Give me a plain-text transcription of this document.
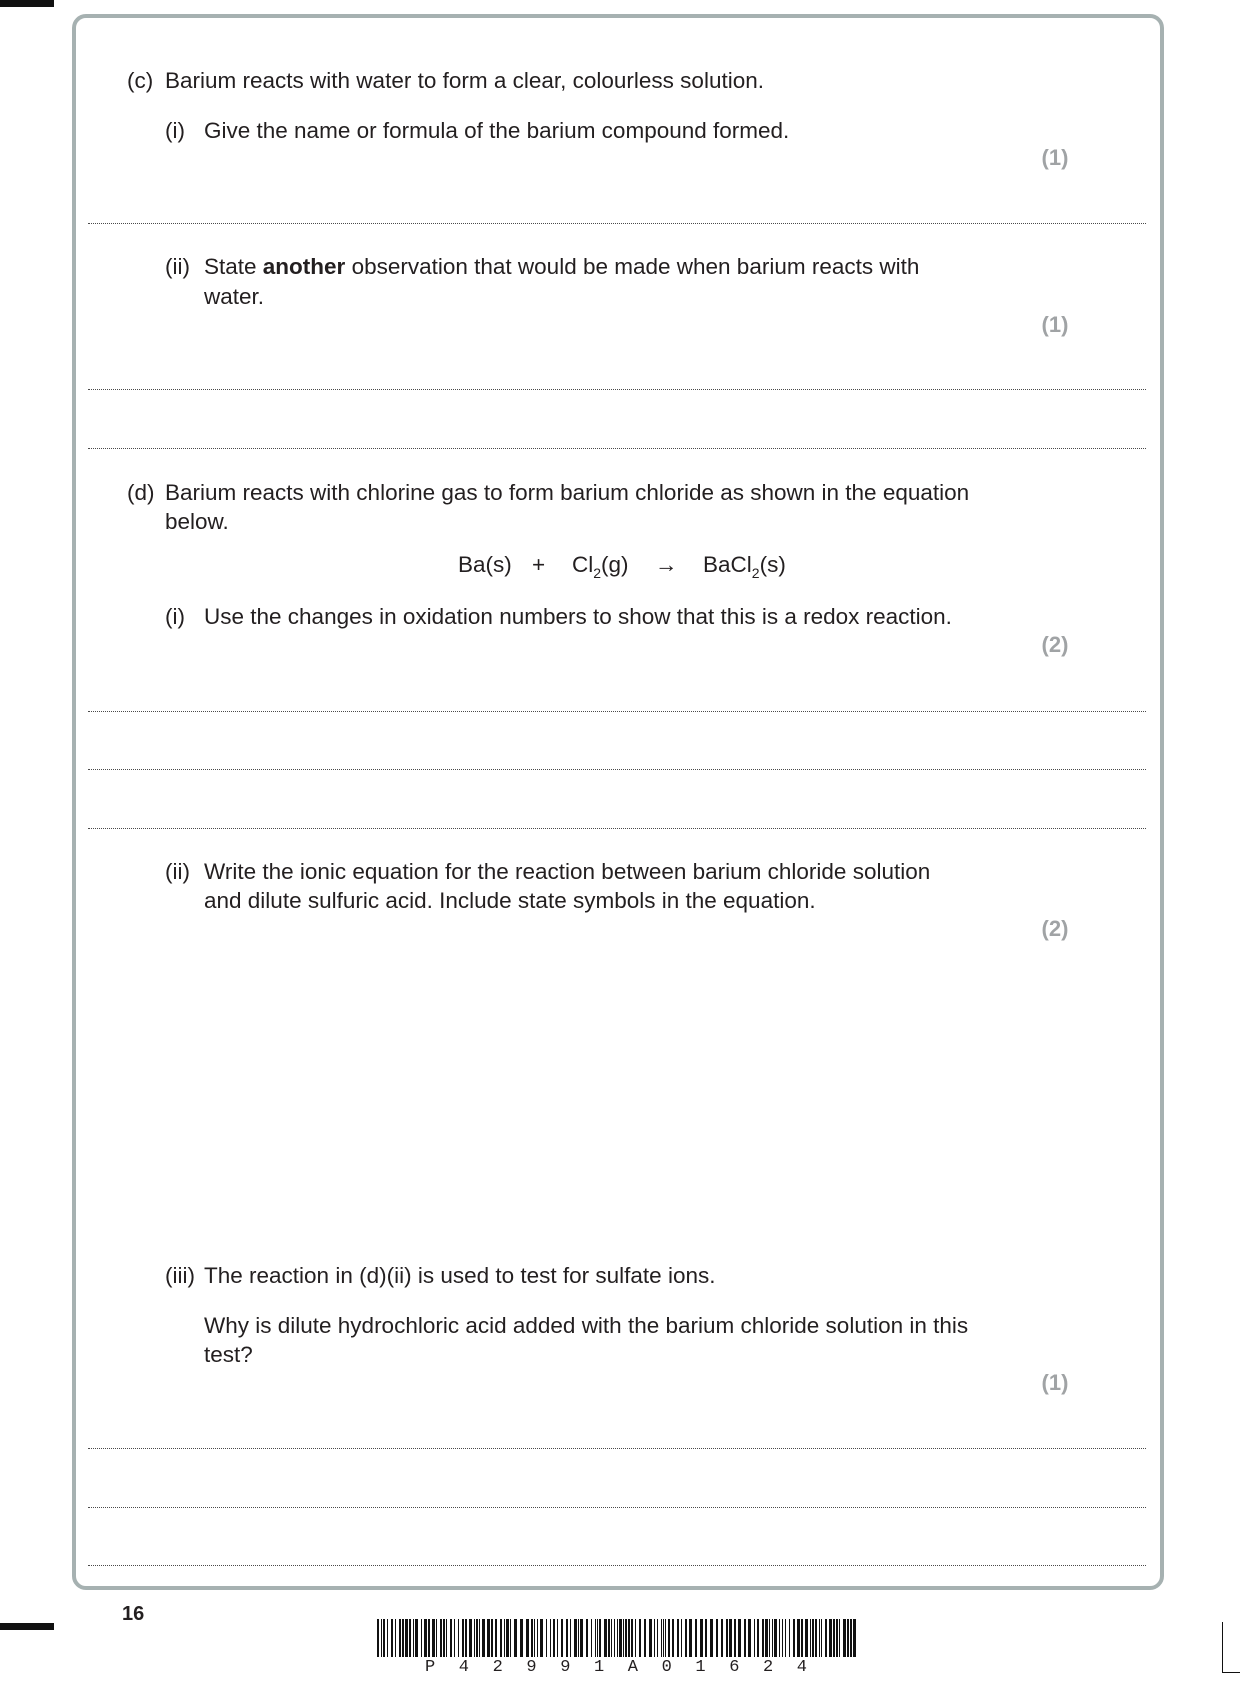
(c) Barium reacts with water to form a clear, colourless solution.
(i) Give the name or formula of the barium compound formed.
(1)
(ii) State another observation that would be made when barium reacts with
water.
(1)
(d) Barium reacts with chlorine gas to form barium chloride as shown in the equation
below.
$Ba(s) + Cl_2(g)$ → BaCl$_2$(s)
(i) Use the changes in oxidation numbers to show that this is a redox reaction.
(2)
(ii) Write the ionic equation for the reaction between barium chloride solution
and dilute sulfuric acid. Include state symbols in the equation.
(2)
(iii) The reaction in (d)(ii) is used to test for sulfate ions.
Why is dilute hydrochloric acid added with the barium chloride solution in this
test?
(1)
16
P 4 2 9 9 1 A 0 1 6 2 4
